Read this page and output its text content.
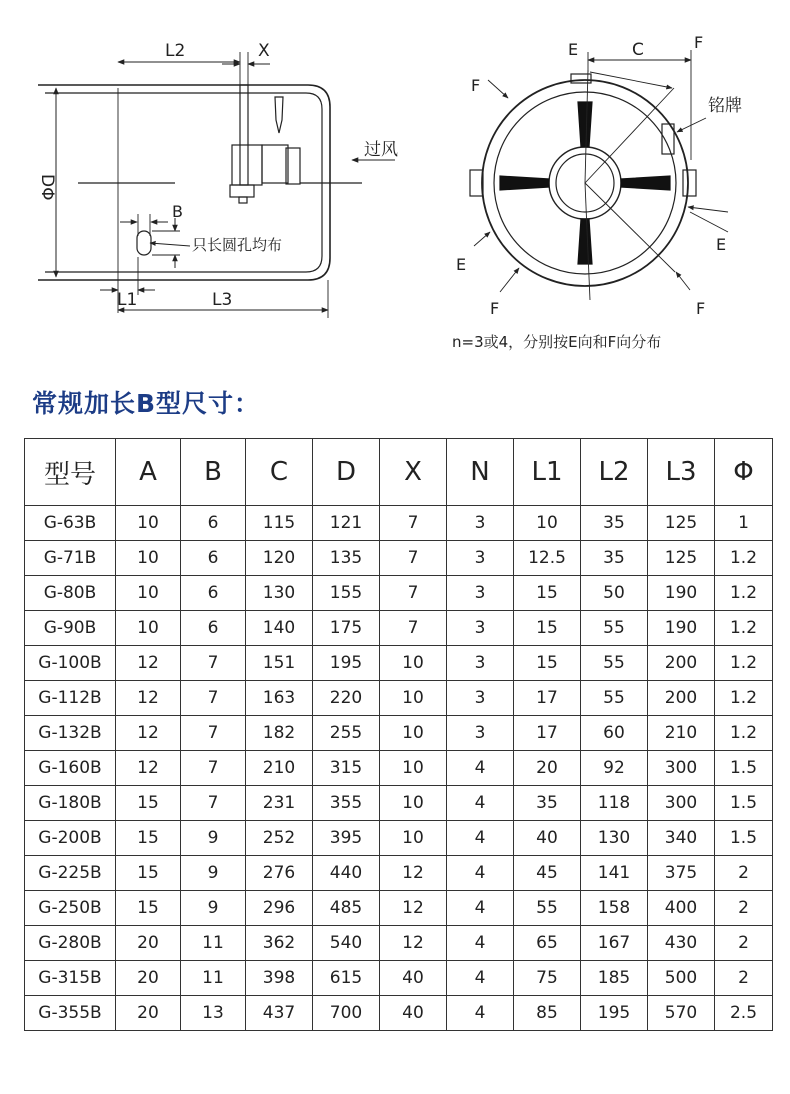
L2	X
DΦ
B
只长圆孔均布
L1	L3
过风
E	C	F
F
铭牌
E
E
F	F
n=3或4，分别按E向和F向分布
常规加长B型尺寸：
型号	A	B	C	D	X	N	L1	L2	L3	Φ
G-63B	10	6	115	121	7	3	10	35	125	1
G-71B	10	6	120	135	7	3	12.5	35	125	1.2
G-80B	10	6	130	155	7	3	15	50	190	1.2
G-90B	10	6	140	175	7	3	15	55	190	1.2
G-100B	12	7	151	195	10	3	15	55	200	1.2
G-112B	12	7	163	220	10	3	17	55	200	1.2
G-132B	12	7	182	255	10	3	17	60	210	1.2
G-160B	12	7	210	315	10	4	20	92	300	1.5
G-180B	15	7	231	355	10	4	35	118	300	1.5
G-200B	15	9	252	395	10	4	40	130	340	1.5
G-225B	15	9	276	440	12	4	45	141	375	2
G-250B	15	9	296	485	12	4	55	158	400	2
G-280B	20	11	362	540	12	4	65	167	430	2
G-315B	20	11	398	615	40	4	75	185	500	2
G-355B	20	13	437	700	40	4	85	195	570	2.5
